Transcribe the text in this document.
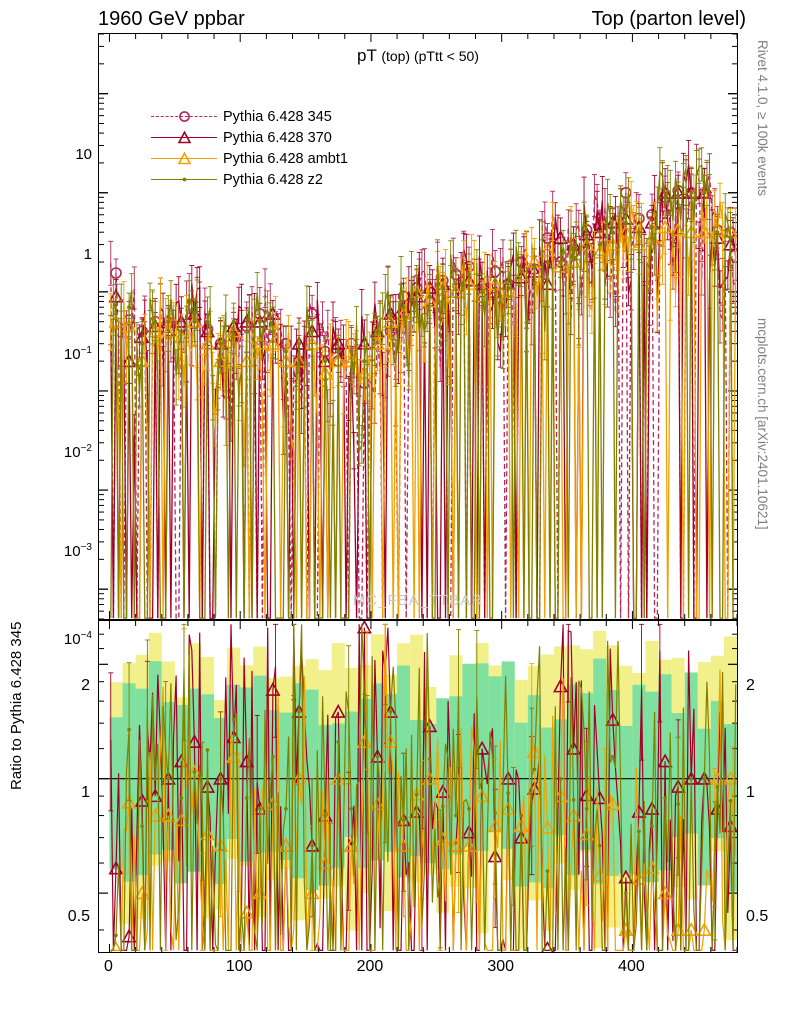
1960 GeV ppbar	Top (parton level)
Rivet 4.1.0, ≥ 100k events
mcplots.cern.ch [arXiv:2401.10621]
pT (top) (pTtt < 50)
Pythia 6.428 345
Pythia 6.428 370
Pythia 6.428 ambt1
Pythia 6.428 z2
MC_FBA_TTBAR
10
1
$10^{-1}$
$10^{-2}$
$10^{-3}$
$10^{-4}$
Ratio to Pythia 6.428 345	2
1
0.5
2
1
0.5
0	100	200	300	400
